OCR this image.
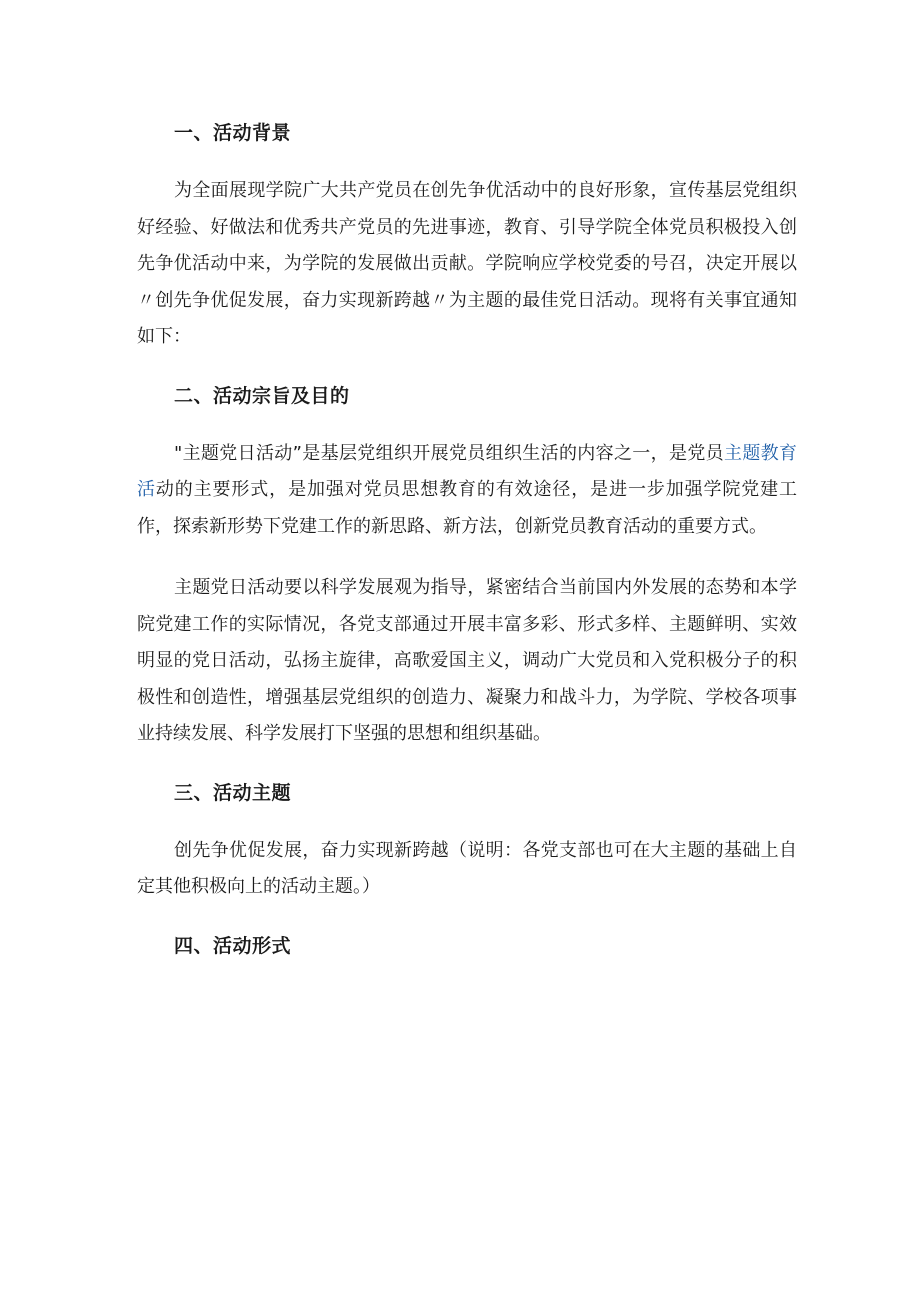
一、活动背景

为全面展现学院广大共产党员在创先争优活动中的良好形象，宣传基层党组织好经验、好做法和优秀共产党员的先进事迹，教育、引导学院全体党员积极投入创先争优活动中来，为学院的发展做出贡献。学院响应学校党委的号召，决定开展以〃创先争优促发展，奋力实现新跨越〃为主题的最佳党日活动。现将有关事宜通知如下：

二、活动宗旨及目的

"主题党日活动”是基层党组织开展党员组织生活的内容之一，是党员主题教育活动的主要形式，是加强对党员思想教育的有效途径，是进一步加强学院党建工作，探索新形势下党建工作的新思路、新方法，创新党员教育活动的重要方式。

主题党日活动要以科学发展观为指导，紧密结合当前国内外发展的态势和本学院党建工作的实际情况，各党支部通过开展丰富多彩、形式多样、主题鲜明、实效明显的党日活动，弘扬主旋律，高歌爱国主义，调动广大党员和入党积极分子的积极性和创造性，增强基层党组织的创造力、凝聚力和战斗力，为学院、学校各项事业持续发展、科学发展打下坚强的思想和组织基础。

三、活动主题

创先争优促发展，奋力实现新跨越（说明：各党支部也可在大主题的基础上自定其他积极向上的活动主题。）

四、活动形式
